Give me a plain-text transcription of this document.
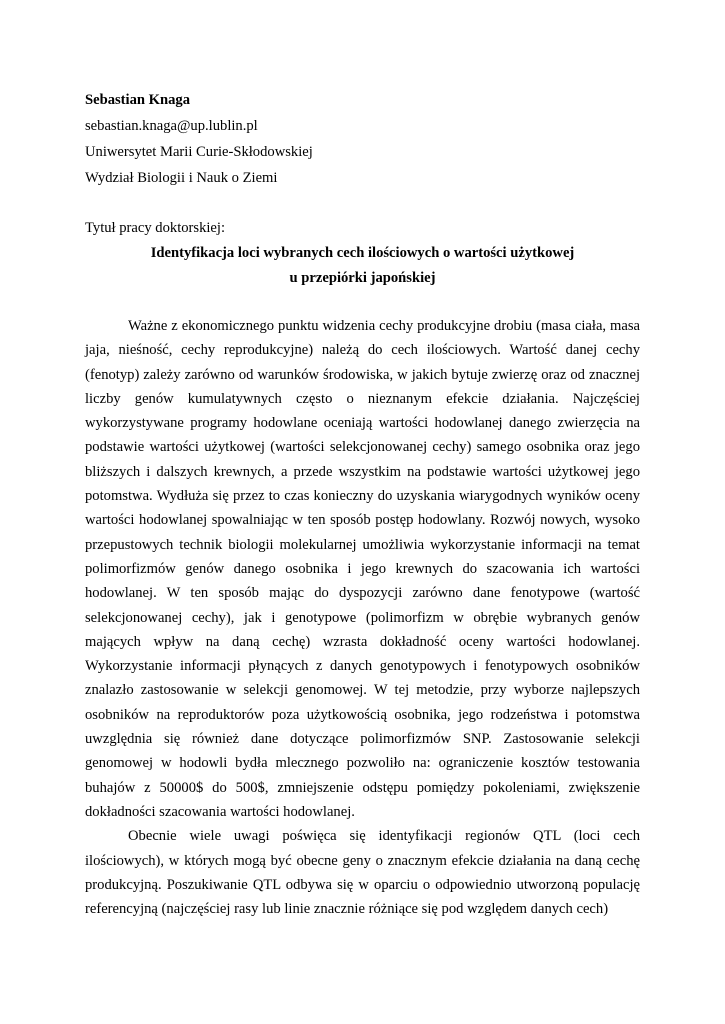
Sebastian Knaga
sebastian.knaga@up.lublin.pl
Uniwersytet Marii Curie-Skłodowskiej
Wydział Biologii i Nauk o Ziemi
Tytuł pracy doktorskiej:
Identyfikacja loci wybranych cech ilościowych o wartości użytkowej
u przepiórki japońskiej

Ważne z ekonomicznego punktu widzenia cechy produkcyjne drobiu (masa ciała, masa jaja, nieśność, cechy reprodukcyjne) należą do cech ilościowych. Wartość danej cechy (fenotyp) zależy zarówno od warunków środowiska, w jakich bytuje zwierzę oraz od znacznej liczby genów kumulatywnych często o nieznanym efekcie działania. Najczęściej wykorzystywane programy hodowlane oceniają wartości hodowlanej danego zwierzęcia na podstawie wartości użytkowej (wartości selekcjonowanej cechy) samego osobnika oraz jego bliższych i dalszych krewnych, a przede wszystkim na podstawie wartości użytkowej jego potomstwa. Wydłuża się przez to czas konieczny do uzyskania wiarygodnych wyników oceny wartości hodowlanej spowalniając w ten sposób postęp hodowlany. Rozwój nowych, wysoko przepustowych technik biologii molekularnej umożliwia wykorzystanie informacji na temat polimorfizmów genów danego osobnika i jego krewnych do szacowania ich wartości hodowlanej. W ten sposób mając do dyspozycji zarówno dane fenotypowe (wartość selekcjonowanej cechy), jak i genotypowe (polimorfizm w obrębie wybranych genów mających wpływ na daną cechę) wzrasta dokładność oceny wartości hodowlanej. Wykorzystanie informacji płynących z danych genotypowych i fenotypowych osobników znalazło zastosowanie w selekcji genomowej. W tej metodzie, przy wyborze najlepszych osobników na reproduktorów poza użytkowością osobnika, jego rodzeństwa i potomstwa uwzględnia się również dane dotyczące polimorfizmów SNP. Zastosowanie selekcji genomowej w hodowli bydła mlecznego pozwoliło na: ograniczenie kosztów testowania buhajów z 50000$ do 500$, zmniejszenie odstępu pomiędzy pokoleniami, zwiększenie dokładności szacowania wartości hodowlanej.

Obecnie wiele uwagi poświęca się identyfikacji regionów QTL (loci cech ilościowych), w których mogą być obecne geny o znacznym efekcie działania na daną cechę produkcyjną. Poszukiwanie QTL odbywa się w oparciu o odpowiednio utworzoną populację referencyjną (najczęściej rasy lub linie znacznie różniące się pod względem danych cech)
